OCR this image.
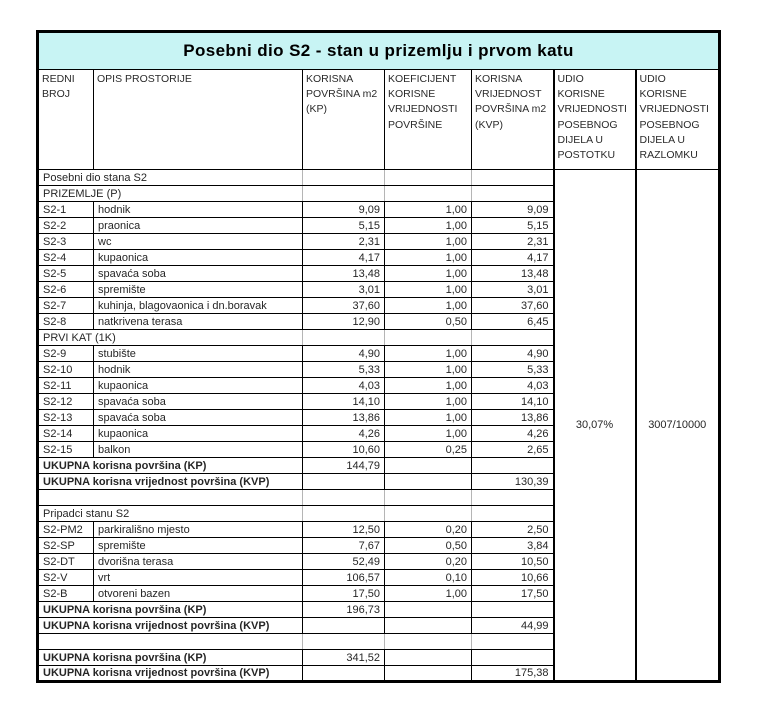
Posebni dio S2 - stan u prizemlju i prvom katu						
REDNI BROJ	OPIS PROSTORIJE	KORISNA POVRŠINA m2 (KP)	KOEFICIJENT KORISNE VRIJEDNOSTI POVRŠINE	KORISNA VRIJEDNOST POVRŠINA m2 (KVP)	UDIO KORISNE VRIJEDNOSTI POSEBNOG DIJELA U POSTOTKU	UDIO KORISNE VRIJEDNOSTI POSEBNOG DIJELA U RAZLOMKU
Posebni dio stana S2					30,07%	3007/10000
PRIZEMLJE (P)						
S2-1	hodnik	9,09	1,00	9,09		
S2-2	praonica	5,15	1,00	5,15		
S2-3	wc	2,31	1,00	2,31		
S2-4	kupaonica	4,17	1,00	4,17		
S2-5	spavaća soba	13,48	1,00	13,48		
S2-6	spremište	3,01	1,00	3,01		
S2-7	kuhinja, blagovaonica i dn.boravak	37,60	1,00	37,60		
S2-8	natkrivena terasa	12,90	0,50	6,45		
PRVI KAT (1K)						
S2-9	stubište	4,90	1,00	4,90		
S2-10	hodnik	5,33	1,00	5,33		
S2-11	kupaonica	4,03	1,00	4,03		
S2-12	spavaća soba	14,10	1,00	14,10		
S2-13	spavaća soba	13,86	1,00	13,86		
S2-14	kupaonica	4,26	1,00	4,26		
S2-15	balkon	10,60	0,25	2,65		
UKUPNA korisna površina (KP)		144,79				
UKUPNA korisna vrijednost površina (KVP)				130,39		

Pripadci stanu S2						
S2-PM2	parkirališno mjesto	12,50	0,20	2,50		
S2-SP	spremište	7,67	0,50	3,84		
S2-DT	dvorišna terasa	52,49	0,20	10,50		
S2-V	vrt	106,57	0,10	10,66		
S2-B	otvoreni bazen	17,50	1,00	17,50		
UKUPNA korisna površina (KP)		196,73				
UKUPNA korisna vrijednost površina (KVP)				44,99		

UKUPNA korisna površina (KP)		341,52				
UKUPNA korisna vrijednost površina (KVP)				175,38		
